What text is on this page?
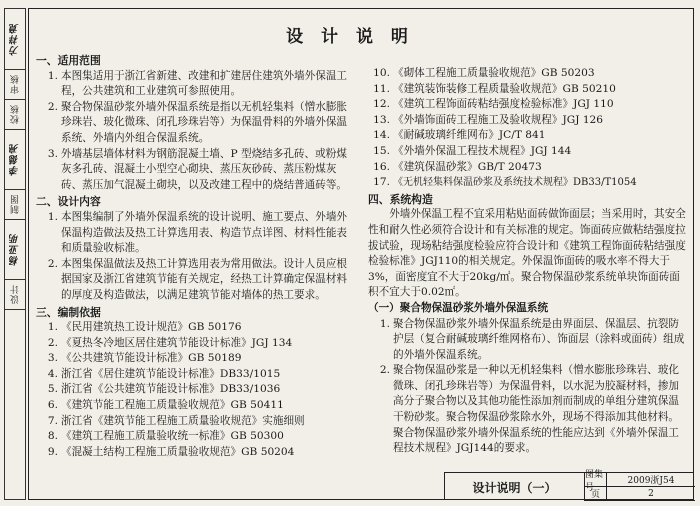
方祥竟
审核
校核
李德亮
制图
杨亚明
设计
设 计 说 明
一、适用范围
1. 本图集适用于浙江省新建、改建和扩建居住建筑外墙外保温工程，公共建筑和工业建筑可参照使用。
2. 聚合物保温砂浆外墙外保温系统是指以无机轻集料（憎水膨胀珍珠岩、玻化微珠、闭孔珍珠岩等）为保温骨料的外墙外保温系统、外墙内外组合保温系统。
3. 外墙基层墙体材料为钢筋混凝土墙、P 型烧结多孔砖、或粉煤灰多孔砖、混凝土小型空心砌块、蒸压灰砂砖、蒸压粉煤灰砖、蒸压加气混凝土砌块，以及改建工程中的烧结普通砖等。
二、设计内容
1. 本图集编制了外墙外保温系统的设计说明、施工要点、外墙外保温构造做法及热工计算选用表、构造节点详图、材料性能表和质量验收标准。
2. 本图集保温做法及热工计算选用表为常用做法。设计人员应根据国家及浙江省建筑节能有关规定，经热工计算确定保温材料的厚度及构造做法，以满足建筑节能对墙体的热工要求。
三、编制依据
1. 《民用建筑热工设计规范》GB 50176
2. 《夏热冬冷地区居住建筑节能设计标准》JGJ 134
3. 《公共建筑节能设计标准》GB 50189
4. 浙江省《居住建筑节能设计标准》DB33/1015
5. 浙江省《公共建筑节能设计标准》DB33/1036
6. 《建筑节能工程施工质量验收规范》GB 50411
7. 浙江省《建筑节能工程施工质量验收规范》实施细则
8. 《建筑工程施工质量验收统一标准》GB 50300
9. 《混凝土结构工程施工质量验收规范》GB 50204
10. 《砌体工程施工质量验收规范》GB 50203
11. 《建筑装饰装修工程质量验收规范》GB 50210
12. 《建筑工程饰面砖粘结强度检验标准》JGJ 110
13. 《外墙饰面砖工程施工及验收规程》JGJ 126
14. 《耐碱玻璃纤维网布》JC/T 841
15. 《外墙外保温工程技术规程》JGJ 144
16. 《建筑保温砂浆》GB/T 20473
17. 《无机轻集料保温砂浆及系统技术规程》DB33/T1054
四、系统构造
外墙外保温工程不宜采用粘贴面砖做饰面层；当采用时，其安全性和耐久性必须符合设计和有关标准的规定。饰面砖应做粘结强度拉拔试验，现场粘结强度检验应符合设计和《建筑工程饰面砖粘结强度检验标准》JGJ110的相关规定。外保温饰面砖的吸水率不得大于3%，面密度宜不大于20kg/㎡。聚合物保温砂浆系统单块饰面砖面积不宜大于0.02㎡。
（一）聚合物保温砂浆外墙外保温系统
1. 聚合物保温砂浆外墙外保温系统是由界面层、保温层、抗裂防护层（复合耐碱玻璃纤维网格布）、饰面层（涂料或面砖）组成的外墙外保温系统。
2. 聚合物保温砂浆是一种以无机轻集料（憎水膨胀珍珠岩、玻化微珠、闭孔珍珠岩等）为保温骨料，以水泥为胶凝材料，掺加高分子聚合物以及其他功能性添加剂而制成的单组分建筑保温干粉砂浆。聚合物保温砂浆除水外，现场不得添加其他材料。聚合物保温砂浆外墙外保温系统的性能应达到《外墙外保温工程技术规程》JGJ144的要求。
设计说明（一）
图集号
2009浙J54
页	2
